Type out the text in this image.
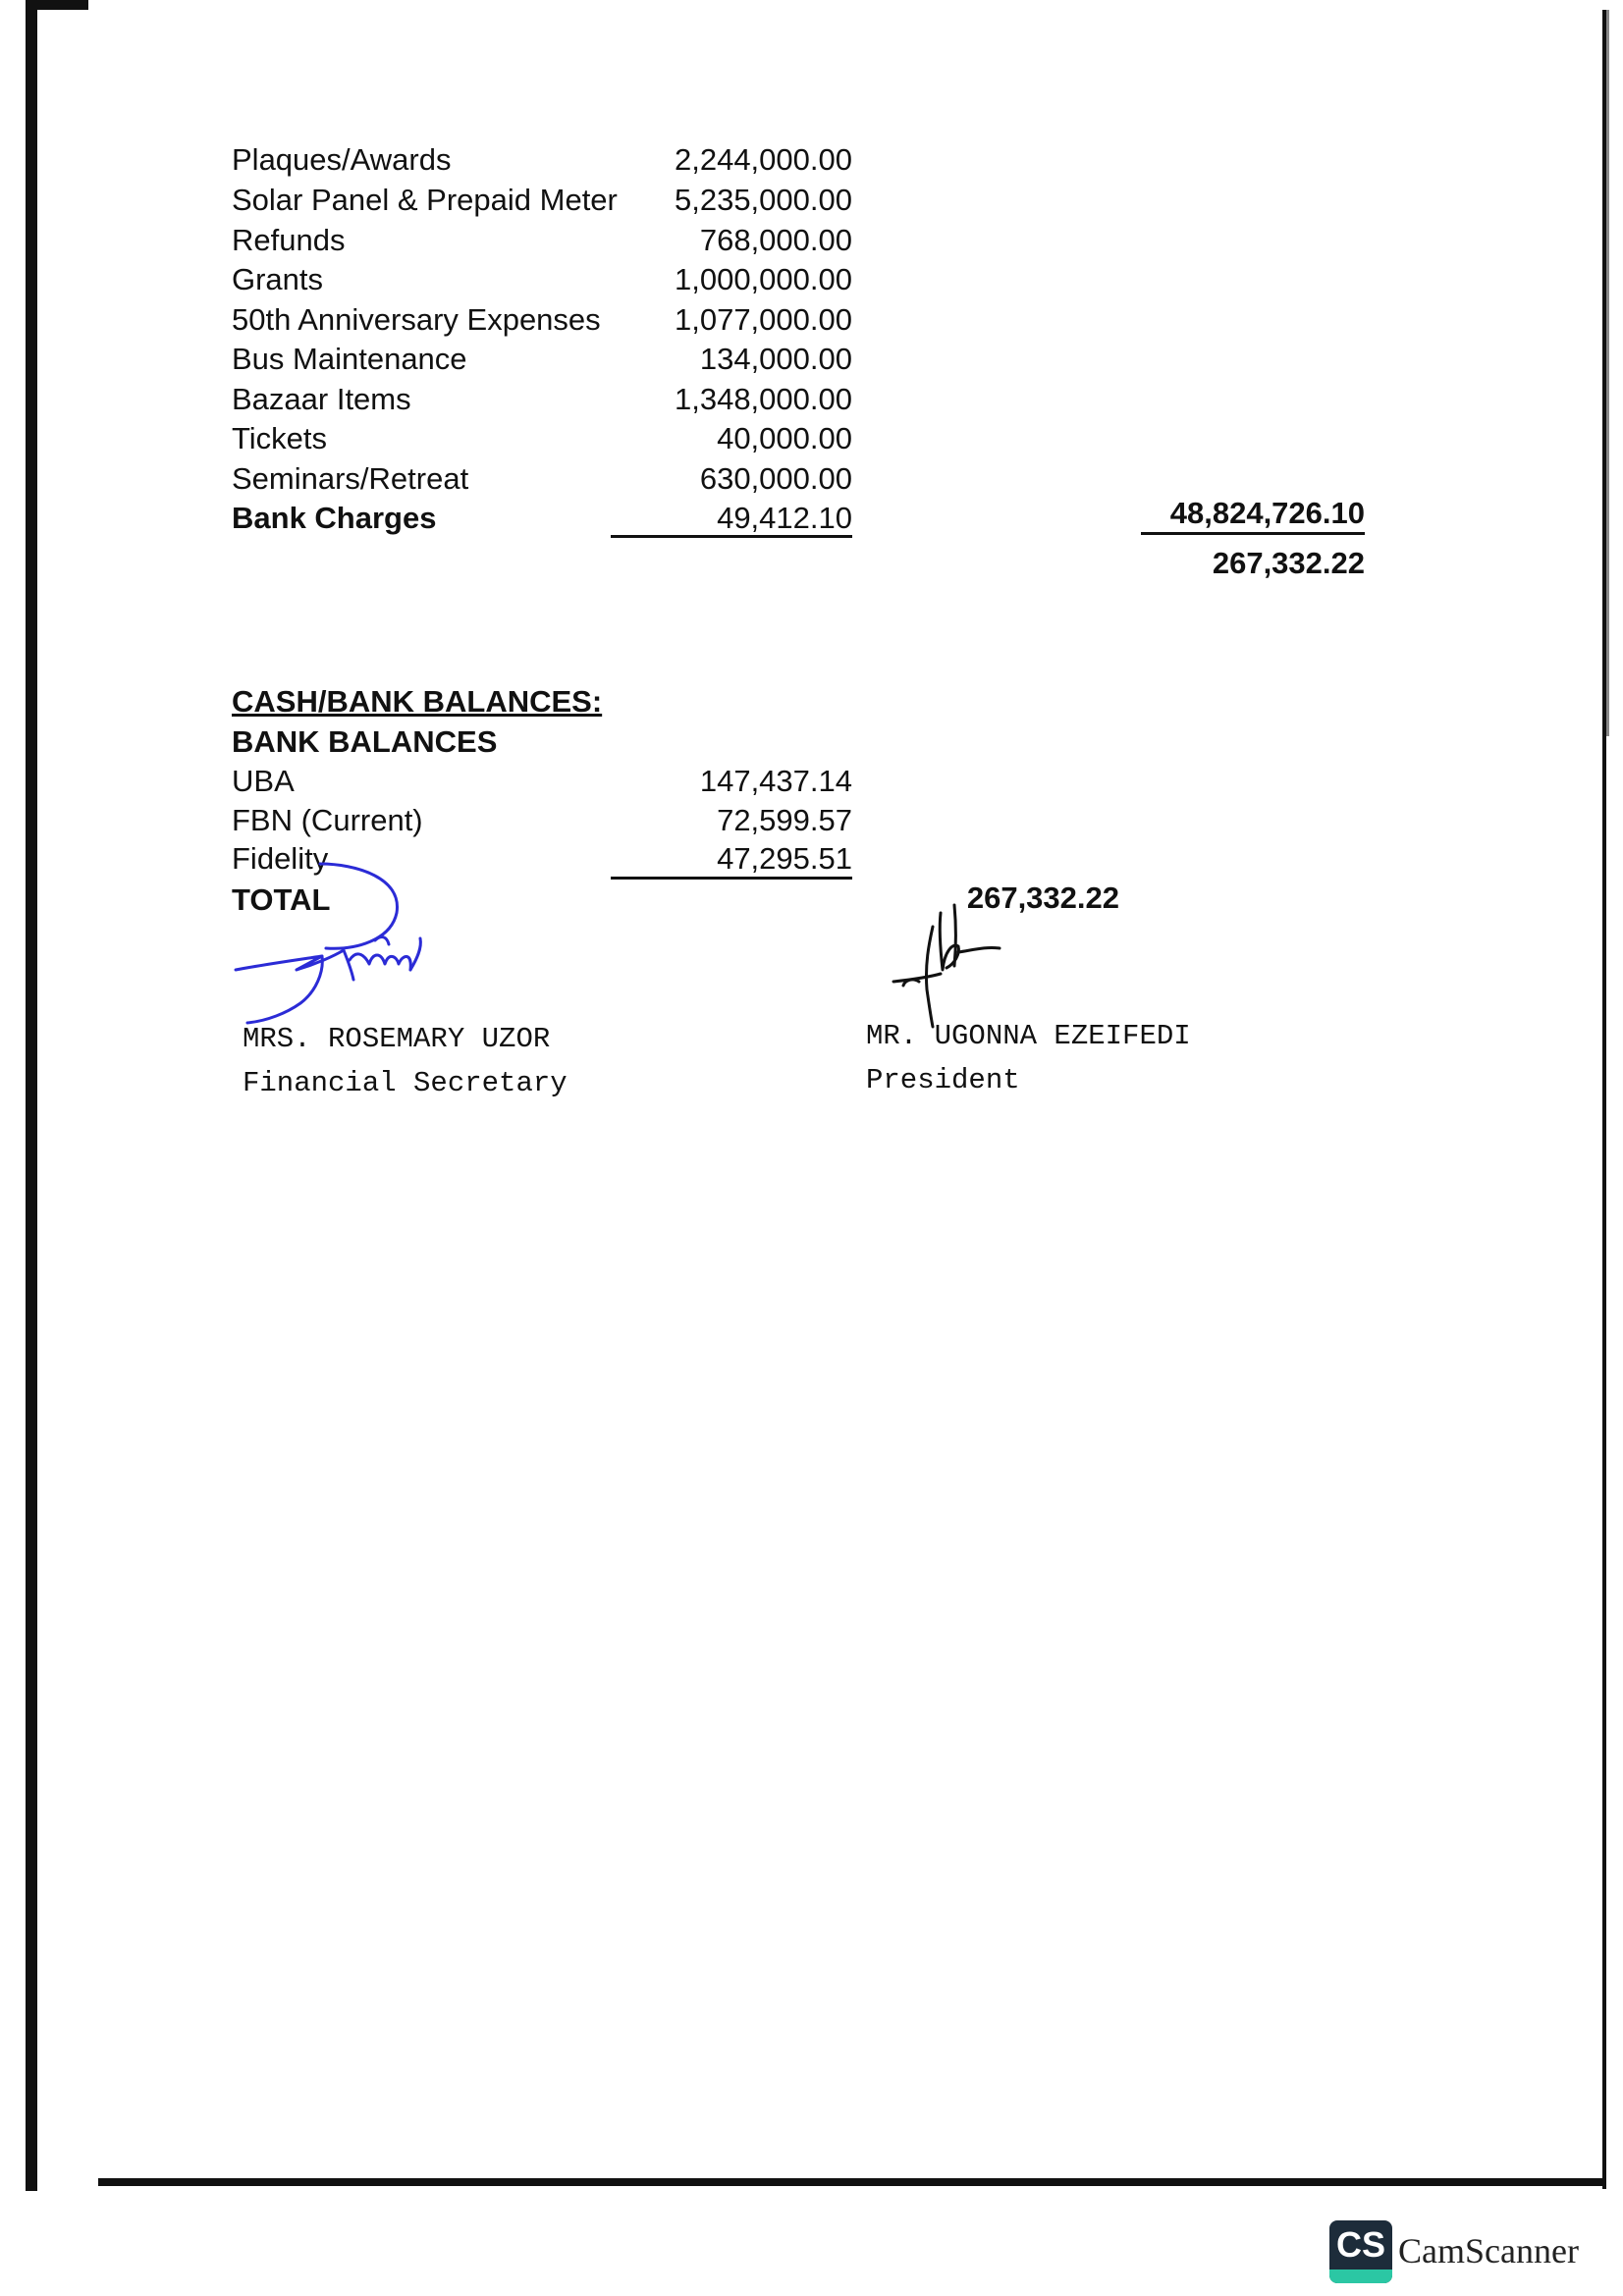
Plaques/Awards	2,244,000.00
Solar Panel & Prepaid Meter	5,235,000.00
Refunds	768,000.00
Grants	1,000,000.00
50th Anniversary Expenses	1,077,000.00
Bus Maintenance	134,000.00
Bazaar Items	1,348,000.00
Tickets	40,000.00
Seminars/Retreat	630,000.00
Bank Charges	49,412.10	48,824,726.10
267,332.22
CASH/BANK BALANCES:
BANK BALANCES
UBA	147,437.14
FBN (Current)	72,599.57
Fidelity	47,295.51
TOTAL	267,332.22
MRS. ROSEMARY UZOR
Financial Secretary
MR. UGONNA EZEIFEDI
President
CS CamScanner
